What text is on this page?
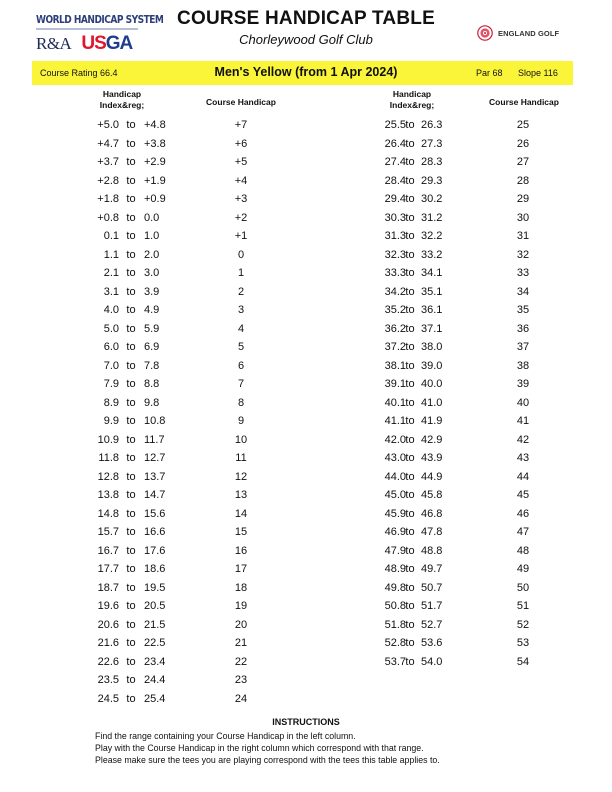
WORLD HANDICAP SYSTEM
R&A USGA	ENGLAND GOLF
COURSE HANDICAP TABLE
Chorleywood Golf Club
Course Rating 66.4	Men's Yellow (from 1 Apr 2024)	Par 68 Slope 116
Handicap
Index&reg;	Course Handicap
Handicap
Index&reg;	Course Handicap
+5.0 to +4.8	+7
+4.7 to +3.8	+6
+3.7 to +2.9	+5
+2.8 to +1.9	+4
+1.8 to +0.9	+3
+0.8 to 0.0	+2
0.1 to 1.0	+1
1.1 to 2.0	0
2.1 to 3.0	1
3.1 to 3.9	2
4.0 to 4.9	3
5.0 to 5.9	4
6.0 to 6.9	5
7.0 to 7.8	6
7.9 to 8.8	7
8.9 to 9.8	8
9.9 to 10.8	9
10.9 to 11.7	10
11.8 to 12.7	11
12.8 to 13.7	12
13.8 to 14.7	13
14.8 to 15.6	14
15.7 to 16.6	15
16.7 to 17.6	16
17.7 to 18.6	17
18.7 to 19.5	18
19.6 to 20.5	19
20.6 to 21.5	20
21.6 to 22.5	21
22.6 to 23.4	22
23.5 to 24.4	23
24.5 to 25.4	24
25.5 to 26.3	25
26.4 to 27.3	26
27.4 to 28.3	27
28.4 to 29.3	28
29.4 to 30.2	29
30.3 to 31.2	30
31.3 to 32.2	31
32.3 to 33.2	32
33.3 to 34.1	33
34.2 to 35.1	34
35.2 to 36.1	35
36.2 to 37.1	36
37.2 to 38.0	37
38.1 to 39.0	38
39.1 to 40.0	39
40.1 to 41.0	40
41.1 to 41.9	41
42.0 to 42.9	42
43.0 to 43.9	43
44.0 to 44.9	44
45.0 to 45.8	45
45.9 to 46.8	46
46.9 to 47.8	47
47.9 to 48.8	48
48.9 to 49.7	49
49.8 to 50.7	50
50.8 to 51.7	51
51.8 to 52.7	52
52.8 to 53.6	53
53.7 to 54.0	54
INSTRUCTIONS
Find the range containing your Course Handicap in the left column.
Play with the Course Handicap in the right column which correspond with that range.
Please make sure the tees you are playing correspond with the tees this table applies to.
